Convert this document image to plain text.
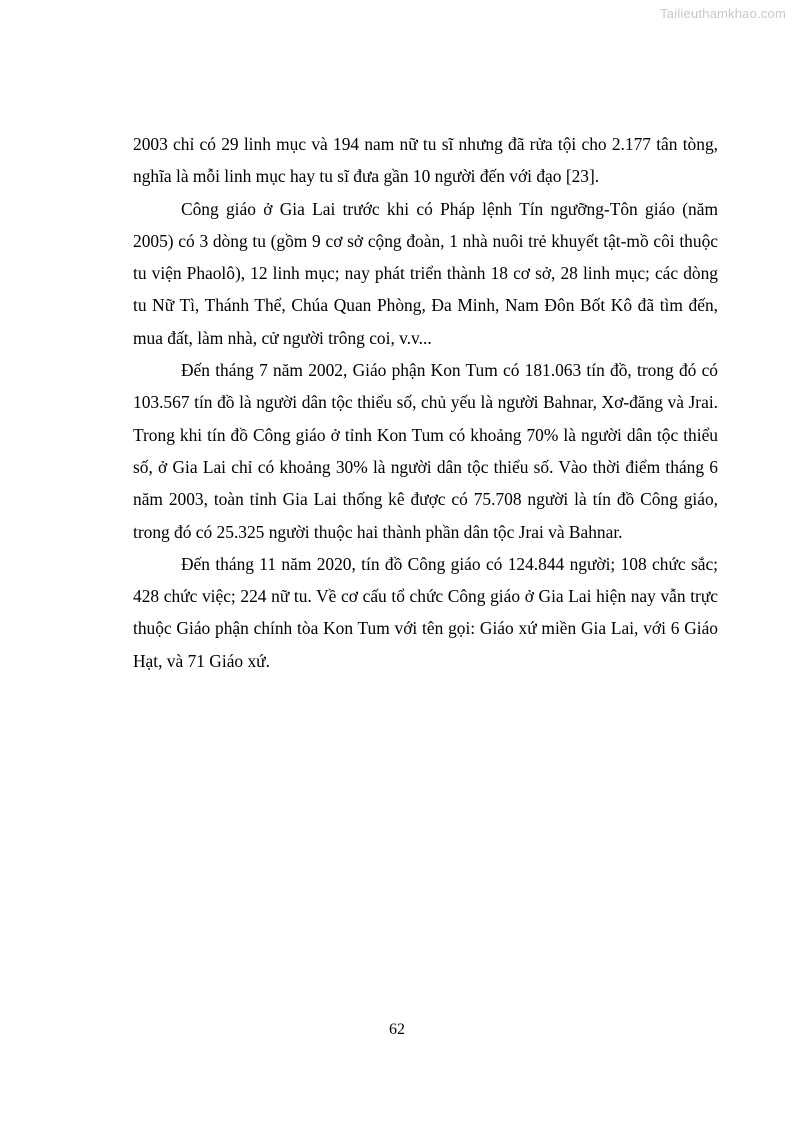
Tailieuthamkhao.com

2003 chỉ có 29 linh mục và 194 nam nữ tu sĩ nhưng đã rửa tội cho 2.177 tân tòng, nghĩa là mỗi linh mục hay tu sĩ đưa gần 10 người đến với đạo [23].

Công giáo ở Gia Lai trước khi có Pháp lệnh Tín ngưỡng-Tôn giáo (năm 2005) có 3 dòng tu (gồm 9 cơ sở cộng đoàn, 1 nhà nuôi trẻ khuyết tật-mồ côi thuộc tu viện Phaolô), 12 linh mục; nay phát triển thành 18 cơ sở, 28 linh mục; các dòng tu Nữ Tì, Thánh Thể, Chúa Quan Phòng, Đa Minh, Nam Đôn Bốt Kô đã tìm đến, mua đất, làm nhà, cử người trông coi, v.v...

Đến tháng 7 năm 2002, Giáo phận Kon Tum có 181.063 tín đồ, trong đó có 103.567 tín đồ là người dân tộc thiểu số, chủ yếu là người Bahnar, Xơ-đăng và Jrai. Trong khi tín đồ Công giáo ở tỉnh Kon Tum có khoảng 70% là người dân tộc thiểu số, ở Gia Lai chỉ có khoảng 30% là người dân tộc thiểu số. Vào thời điểm tháng 6 năm 2003, toàn tỉnh Gia Lai thống kê được có 75.708 người là tín đồ Công giáo, trong đó có 25.325 người thuộc hai thành phần dân tộc Jrai và Bahnar.

Đến tháng 11 năm 2020, tín đồ Công giáo có 124.844 người; 108 chức sắc; 428 chức việc; 224 nữ tu. Về cơ cấu tổ chức Công giáo ở Gia Lai hiện nay vẫn trực thuộc Giáo phận chính tòa Kon Tum với tên gọi: Giáo xứ miền Gia Lai, với 6 Giáo Hạt, và 71 Giáo xứ.

62
